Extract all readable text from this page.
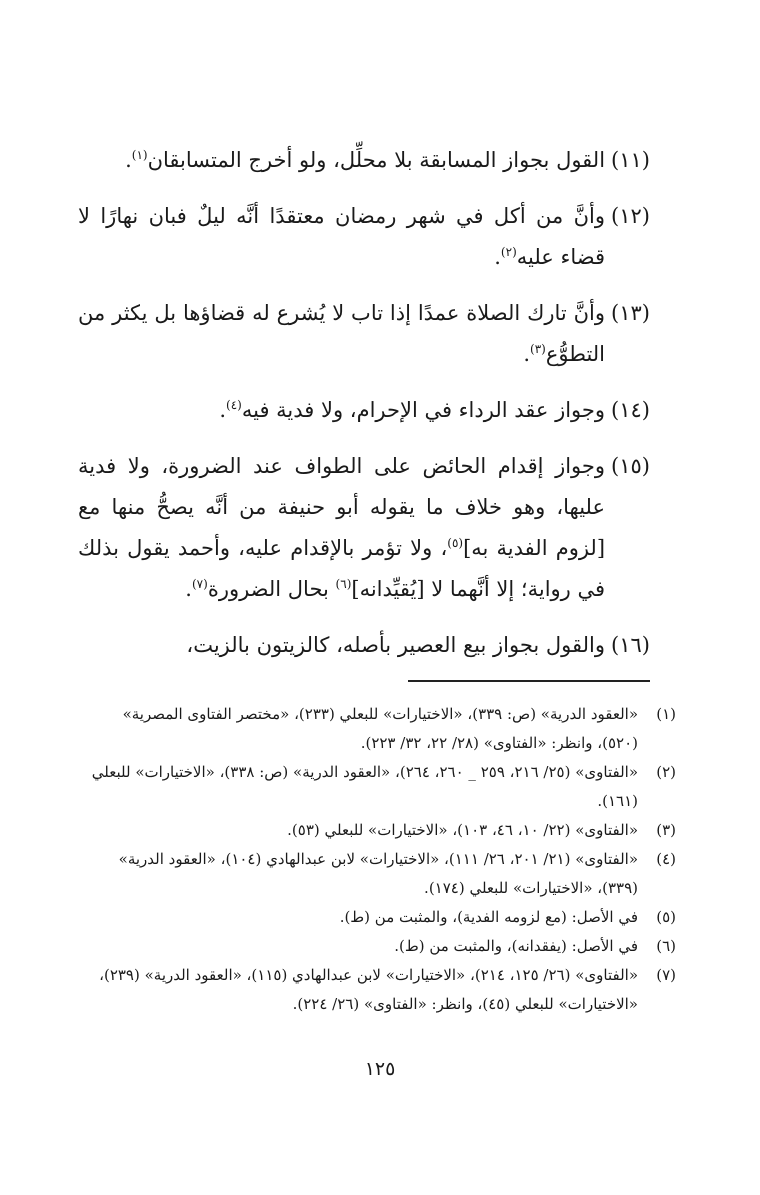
(١١)
القول بجواز المسابقة بلا محلِّل، ولو أخرج المتسابقان$^{(١)}$.
(١٢)
وأنَّ من أكل في شهر رمضان معتقدًا أنَّه ليلٌ فبان نهارًا لا قضاء عليه$^{(٢)}$.
(١٣)
وأنَّ تارك الصلاة عمدًا إذا تاب لا يُشرع له قضاؤها بل يكثر من التطوُّع$^{(٣)}$.
(١٤)
وجواز عقد الرداء في الإحرام، ولا فدية فيه$^{(٤)}$.
(١٥)
وجواز إقدام الحائض على الطواف عند الضرورة، ولا فدية عليها، وهو خلاف ما يقوله أبو حنيفة من أنَّه يصحُّ منها مع [لزوم الفدية به]$^{(٥)}$، ولا تؤمر بالإقدام عليه، وأحمد يقول بذلك في رواية؛ إلا أنَّهما لا [يُقيِّدانه]$^{(٦)}$ بحال الضرورة$^{(٧)}$.
(١٦)
والقول بجواز بيع العصير بأصله، كالزيتون بالزيت،
(١)
«العقود الدرية» (ص: ٣٣٩)، «الاختيارات» للبعلي (٢٣٣)، «مختصر الفتاوى المصرية» (٥٢٠)، وانظر: «الفتاوى» (٢٨/ ٢٢، ٣٢/ ٢٢٣).
(٢)
«الفتاوى» (٢٥/ ٢١٦، ٢٥٩ _ ٢٦٠، ٢٦٤)، «العقود الدرية» (ص: ٣٣٨)، «الاختيارات» للبعلي (١٦١).
(٣)
«الفتاوى» (٢٢/ ١٠، ٤٦، ١٠٣)، «الاختيارات» للبعلي (٥٣).
(٤)
«الفتاوى» (٢١/ ٢٠١، ٢٦/ ١١١)، «الاختيارات» لابن عبدالهادي (١٠٤)، «العقود الدرية» (٣٣٩)، «الاختيارات» للبعلي (١٧٤).
(٥)
في الأصل: (مع لزومه الفدية)، والمثبت من (ط).
(٦)
في الأصل: (يفقدانه)، والمثبت من (ط).
(٧)
«الفتاوى» (٢٦/ ١٢٥، ٢١٤)، «الاختيارات» لابن عبدالهادي (١١٥)، «العقود الدرية» (٢٣٩)، «الاختيارات» للبعلي (٤٥)، وانظر: «الفتاوى» (٢٦/ ٢٢٤).
١٢٥
